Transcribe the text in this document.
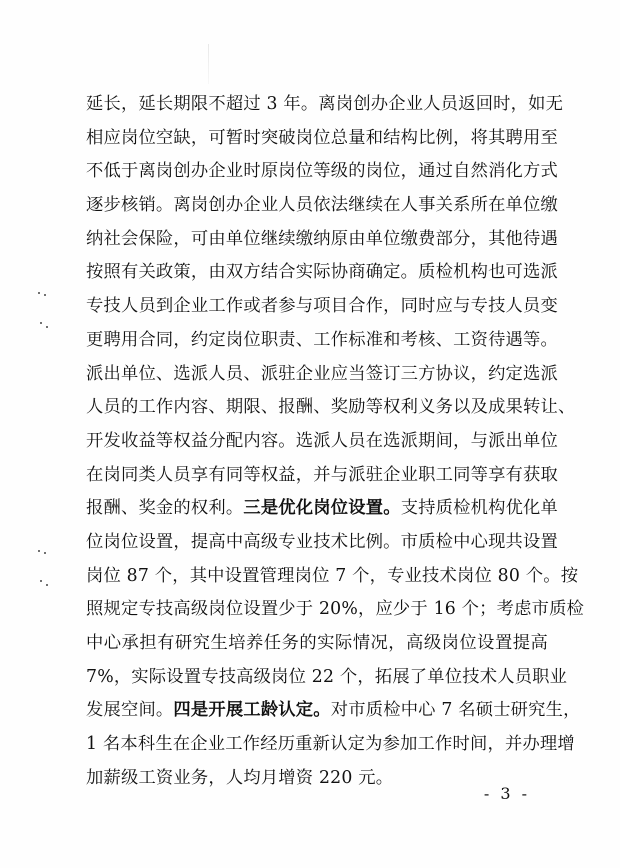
延长，延长期限不超过 3 年。离岗创办企业人员返回时，如无
相应岗位空缺，可暂时突破岗位总量和结构比例，将其聘用至
不低于离岗创办企业时原岗位等级的岗位，通过自然消化方式
逐步核销。离岗创办企业人员依法继续在人事关系所在单位缴
纳社会保险，可由单位继续缴纳原由单位缴费部分，其他待遇
按照有关政策，由双方结合实际协商确定。质检机构也可选派
专技人员到企业工作或者参与项目合作，同时应与专技人员变
更聘用合同，约定岗位职责、工作标准和考核、工资待遇等。
派出单位、选派人员、派驻企业应当签订三方协议，约定选派
人员的工作内容、期限、报酬、奖励等权利义务以及成果转让、
开发收益等权益分配内容。选派人员在选派期间，与派出单位
在岗同类人员享有同等权益，并与派驻企业职工同等享有获取
报酬、奖金的权利。三是优化岗位设置。支持质检机构优化单
位岗位设置，提高中高级专业技术比例。市质检中心现共设置
岗位 87 个，其中设置管理岗位 7 个，专业技术岗位 80 个。按
照规定专技高级岗位设置少于 20%，应少于 16 个；考虑市质检
中心承担有研究生培养任务的实际情况，高级岗位设置提高
7%，实际设置专技高级岗位 22 个，拓展了单位技术人员职业
发展空间。四是开展工龄认定。对市质检中心 7 名硕士研究生，
1 名本科生在企业工作经历重新认定为参加工作时间，并办理增
加薪级工资业务，人均月增资 220 元。
- 3 -
